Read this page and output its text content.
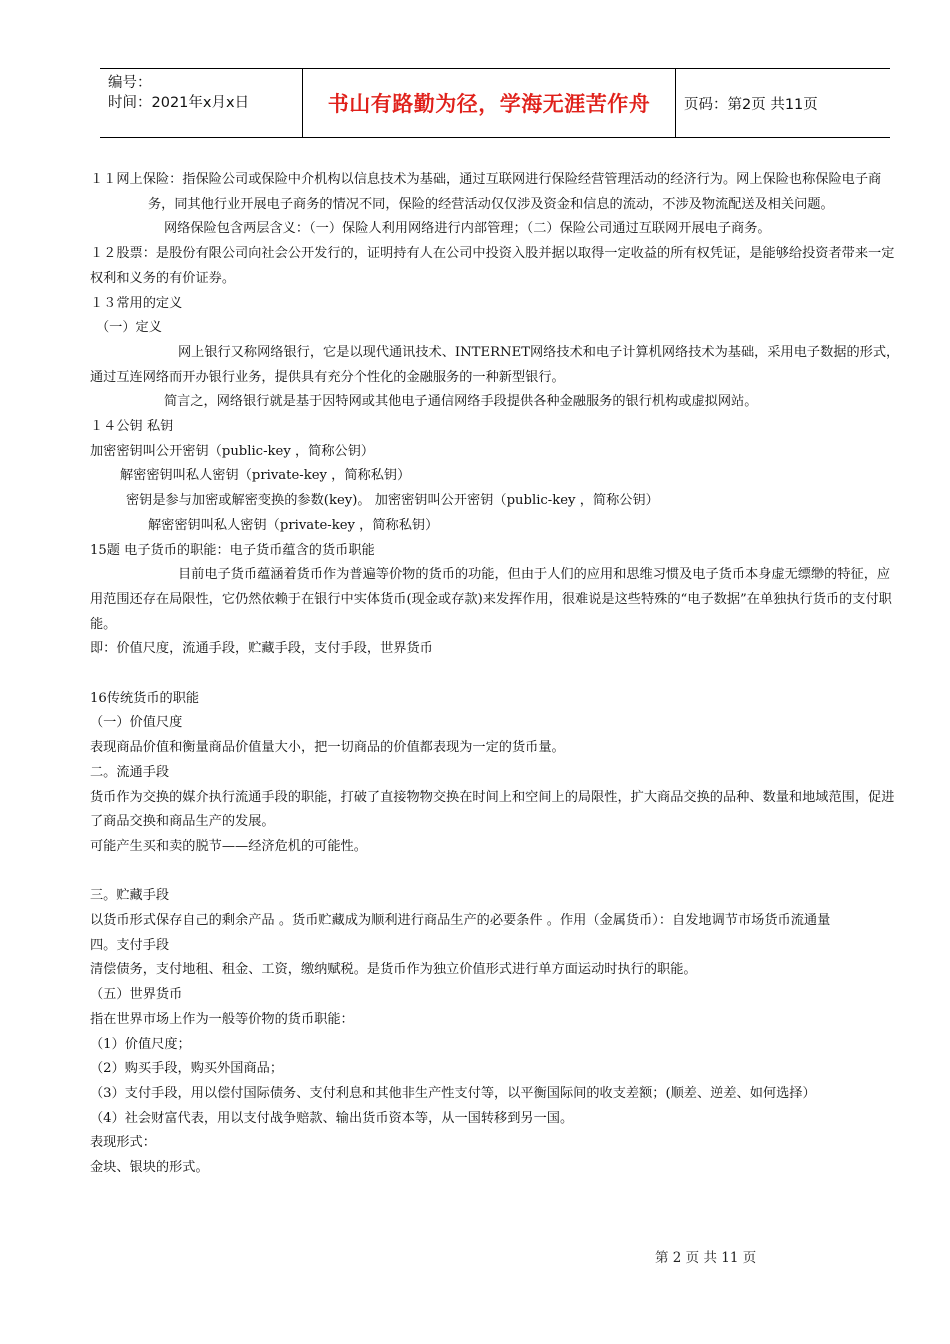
编号：
时间：2021年x月x日	书山有路勤为径，学海无涯苦作舟 页码：第2页 共11页

１１网上保险：指保险公司或保险中介机构以信息技术为基础，通过互联网进行保险经营管理活动的经济行为。网上保险也称保险电子商务，同其他行业开展电子商务的情况不同，保险的经营活动仅仅涉及资金和信息的流动，不涉及物流配送及相关问题。

网络保险包含两层含义：（一）保险人利用网络进行内部管理；（二）保险公司通过互联网开展电子商务。

１２股票：是股份有限公司向社会公开发行的，证明持有人在公司中投资入股并据以取得一定收益的所有权凭证，是能够给投资者带来一定权利和义务的有价证券。

１３常用的定义

（一）定义

网上银行又称网络银行，它是以现代通讯技术、INTERNET网络技术和电子计算机网络技术为基础，采用电子数据的形式，通过互连网络而开办银行业务，提供具有充分个性化的金融服务的一种新型银行。

简言之，网络银行就是基于因特网或其他电子通信网络手段提供各种金融服务的银行机构或虚拟网站。

１４公钥 私钥

加密密钥叫公开密钥（public-key ，简称公钥）

解密密钥叫私人密钥（private-key ，简称私钥）

密钥是参与加密或解密变换的参数(key)。 加密密钥叫公开密钥（public-key ，简称公钥）

解密密钥叫私人密钥（private-key ，简称私钥）

15题 电子货币的职能：电子货币蕴含的货币职能

目前电子货币蕴涵着货币作为普遍等价物的货币的功能，但由于人们的应用和思维习惯及电子货币本身虚无缥缈的特征，应用范围还存在局限性，它仍然依赖于在银行中实体货币(现金或存款)来发挥作用，很难说是这些特殊的“电子数据”在单独执行货币的支付职能。

即：价值尺度，流通手段，贮藏手段，支付手段，世界货币

16传统货币的职能

（一）价值尺度

表现商品价值和衡量商品价值量大小，把一切商品的价值都表现为一定的货币量。

二。流通手段

货币作为交换的媒介执行流通手段的职能，打破了直接物物交换在时间上和空间上的局限性，扩大商品交换的品种、数量和地域范围，促进了商品交换和商品生产的发展。

可能产生买和卖的脱节——经济危机的可能性。

三。贮藏手段

以货币形式保存自己的剩余产品 。货币贮藏成为顺利进行商品生产的必要条件 。作用（金属货币）：自发地调节市场货币流通量

四。支付手段

清偿债务，支付地租、租金、工资，缴纳赋税。是货币作为独立价值形式进行单方面运动时执行的职能。

（五）世界货币

指在世界市场上作为一般等价物的货币职能：

（1）价值尺度；

（2）购买手段，购买外国商品；

（3）支付手段，用以偿付国际债务、支付利息和其他非生产性支付等，以平衡国际间的收支差额；(顺差、逆差、如何选择）

（4）社会财富代表，用以支付战争赔款、输出货币资本等，从一国转移到另一国。

表现形式：

金块、银块的形式。

第 2 页 共 11 页
